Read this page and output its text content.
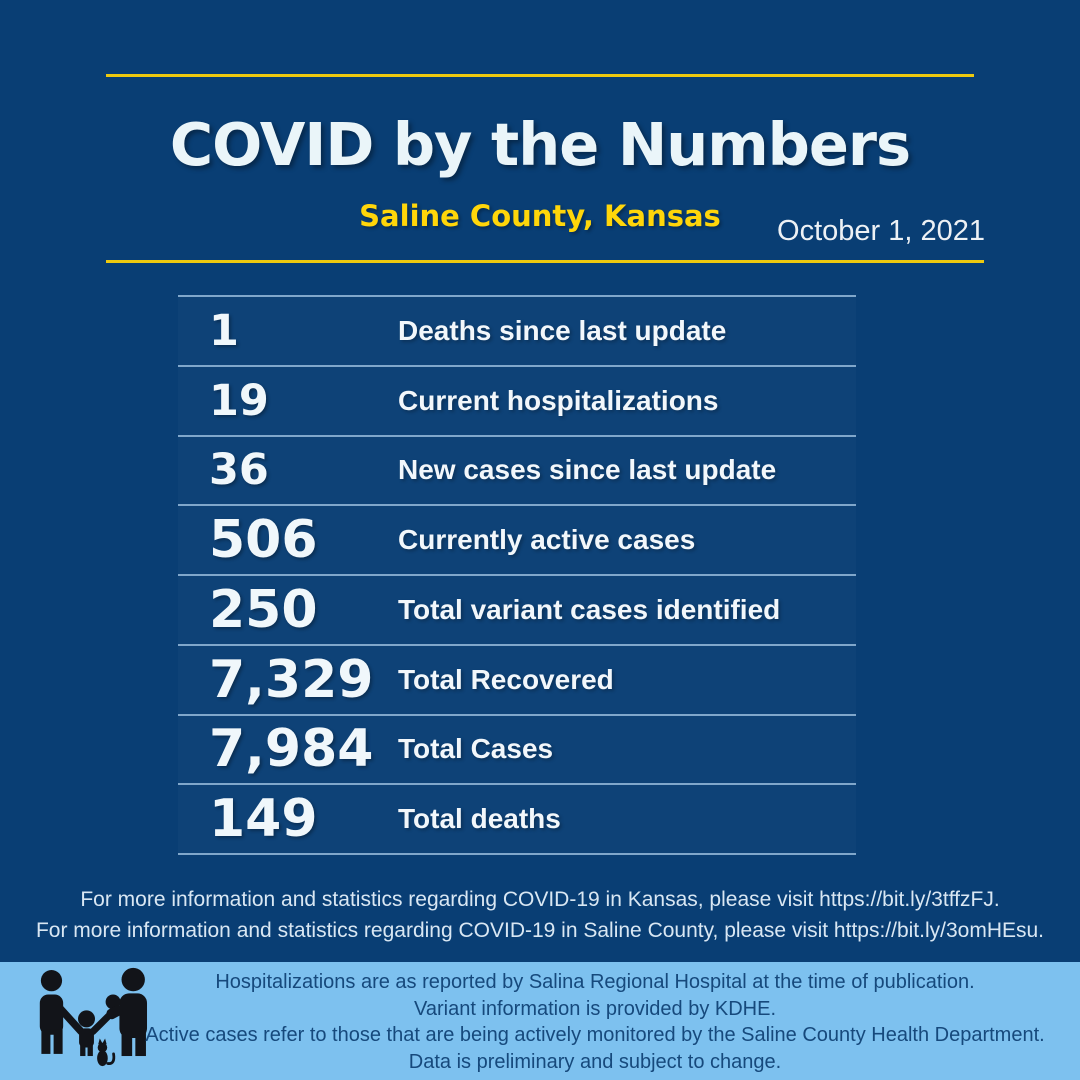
COVID by the Numbers
Saline County, Kansas	October 1, 2021
1	Deaths since last update
19	Current hospitalizations
36	New cases since last update
506	Currently active cases
250	Total variant cases identified
7,329 Total Recovered
7,984 Total Cases
149	Total deaths
For more information and statistics regarding COVID-19 in Kansas, please visit https://bit.ly/3tffzFJ.
For more information and statistics regarding COVID-19 in Saline County, please visit https://bit.ly/3omHEsu.
Hospitalizations are as reported by Salina Regional Hospital at the time of publication.
Variant information is provided by KDHE.
Active cases refer to those that are being actively monitored by the Saline County Health Department.
Data is preliminary and subject to change.
